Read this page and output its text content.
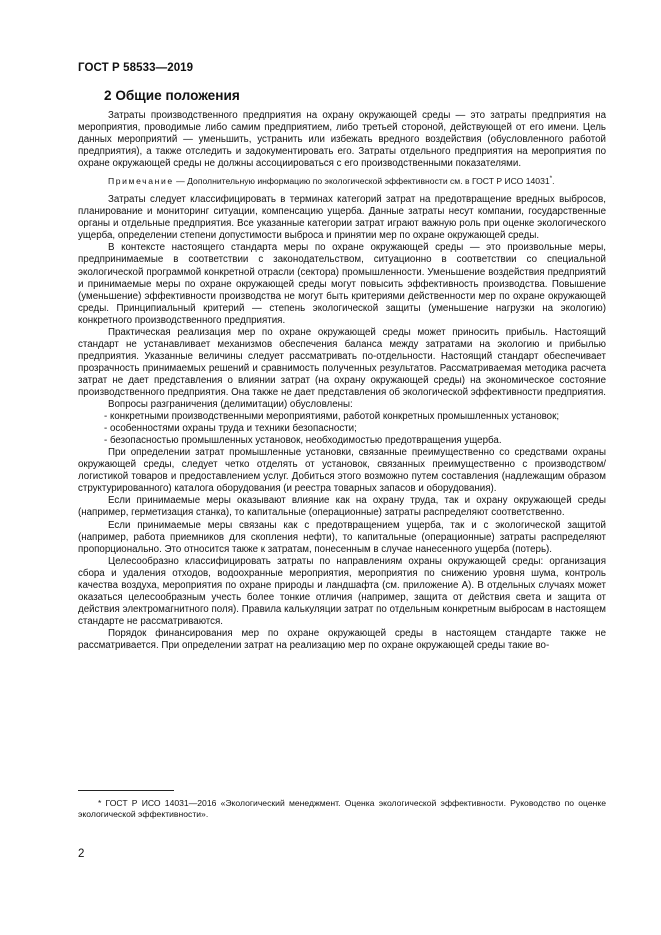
ГОСТ Р 58533—2019
2 Общие положения

Затраты производственного предприятия на охрану окружающей среды — это затраты предприятия на мероприятия, проводимые либо самим предприятием, либо третьей стороной, действующей от его имени. Цель данных мероприятий — уменьшить, устранить или избежать вредного воздействия (обусловленного работой предприятия), а также отследить и задокументировать его. Затраты отдельного предприятия на мероприятия по охране окружающей среды не должны ассоциироваться с его производственными показателями.

Примечание — Дополнительную информацию по экологической эффективности см. в ГОСТ Р ИСО 14031*.

Затраты следует классифицировать в терминах категорий затрат на предотвращение вредных выбросов, планирование и мониторинг ситуации, компенсацию ущерба. Данные затраты несут компании, государственные органы и отдельные предприятия. Все указанные категории затрат играют важную роль при оценке экологического ущерба, определении степени допустимости выброса и принятии мер по охране окружающей среды.

В контексте настоящего стандарта меры по охране окружающей среды — это произвольные меры, предпринимаемые в соответствии с законодательством, ситуационно в соответствии со специальной экологической программой конкретной отрасли (сектора) промышленности. Уменьшение воздействия предприятий и принимаемые меры по охране окружающей среды могут повысить эффективность производства. Повышение (уменьшение) эффективности производства не могут быть критериями действенности мер по охране окружающей среды. Принципиальный критерий — степень экологической защиты (уменьшение нагрузки на экологию) конкретного производственного предприятия.

Практическая реализация мер по охране окружающей среды может приносить прибыль. Настоящий стандарт не устанавливает механизмов обеспечения баланса между затратами на экологию и прибылью предприятия. Указанные величины следует рассматривать по-отдельности. Настоящий стандарт обеспечивает прозрачность принимаемых решений и сравнимость полученных результатов. Рассматриваемая методика расчета затрат не дает представления о влиянии затрат (на охрану окружающей среды) на экономическое состояние производственного предприятия. Она также не дает представления об экологической эффективности предприятия.

Вопросы разграничения (делимитации) обусловлены:

- конкретными производственными мероприятиями, работой конкретных промышленных установок;

- особенностями охраны труда и техники безопасности;

- безопасностью промышленных установок, необходимостью предотвращения ущерба.

При определении затрат промышленные установки, связанные преимущественно со средствами охраны окружающей среды, следует четко отделять от установок, связанных преимущественно с производством/логистикой товаров и предоставлением услуг. Добиться этого возможно путем составления (надлежащим образом структурированного) каталога оборудования (и реестра товарных запасов и оборудования).

Если принимаемые меры оказывают влияние как на охрану труда, так и охрану окружающей среды (например, герметизация станка), то капитальные (операционные) затраты распределяют соответственно.

Если принимаемые меры связаны как с предотвращением ущерба, так и с экологической защитой (например, работа приемников для скопления нефти), то капитальные (операционные) затраты распределяют пропорционально. Это относится также к затратам, понесенным в случае нанесенного ущерба (потерь).

Целесообразно классифицировать затраты по направлениям охраны окружающей среды: организация сбора и удаления отходов, водоохранные мероприятия, мероприятия по снижению уровня шума, контроль качества воздуха, мероприятия по охране природы и ландшафта (см. приложение А). В отдельных случаях может оказаться целесообразным учесть более тонкие отличия (например, защита от действия света и защита от действия электромагнитного поля). Правила калькуляции затрат по отдельным конкретным выбросам в настоящем стандарте не рассматриваются.

Порядок финансирования мер по охране окружающей среды в настоящем стандарте также не рассматривается. При определении затрат на реализацию мер по охране окружающей среды такие во-

* ГОСТ Р ИСО 14031—2016 «Экологический менеджмент. Оценка экологической эффективности. Руководство по оценке экологической эффективности».
2
